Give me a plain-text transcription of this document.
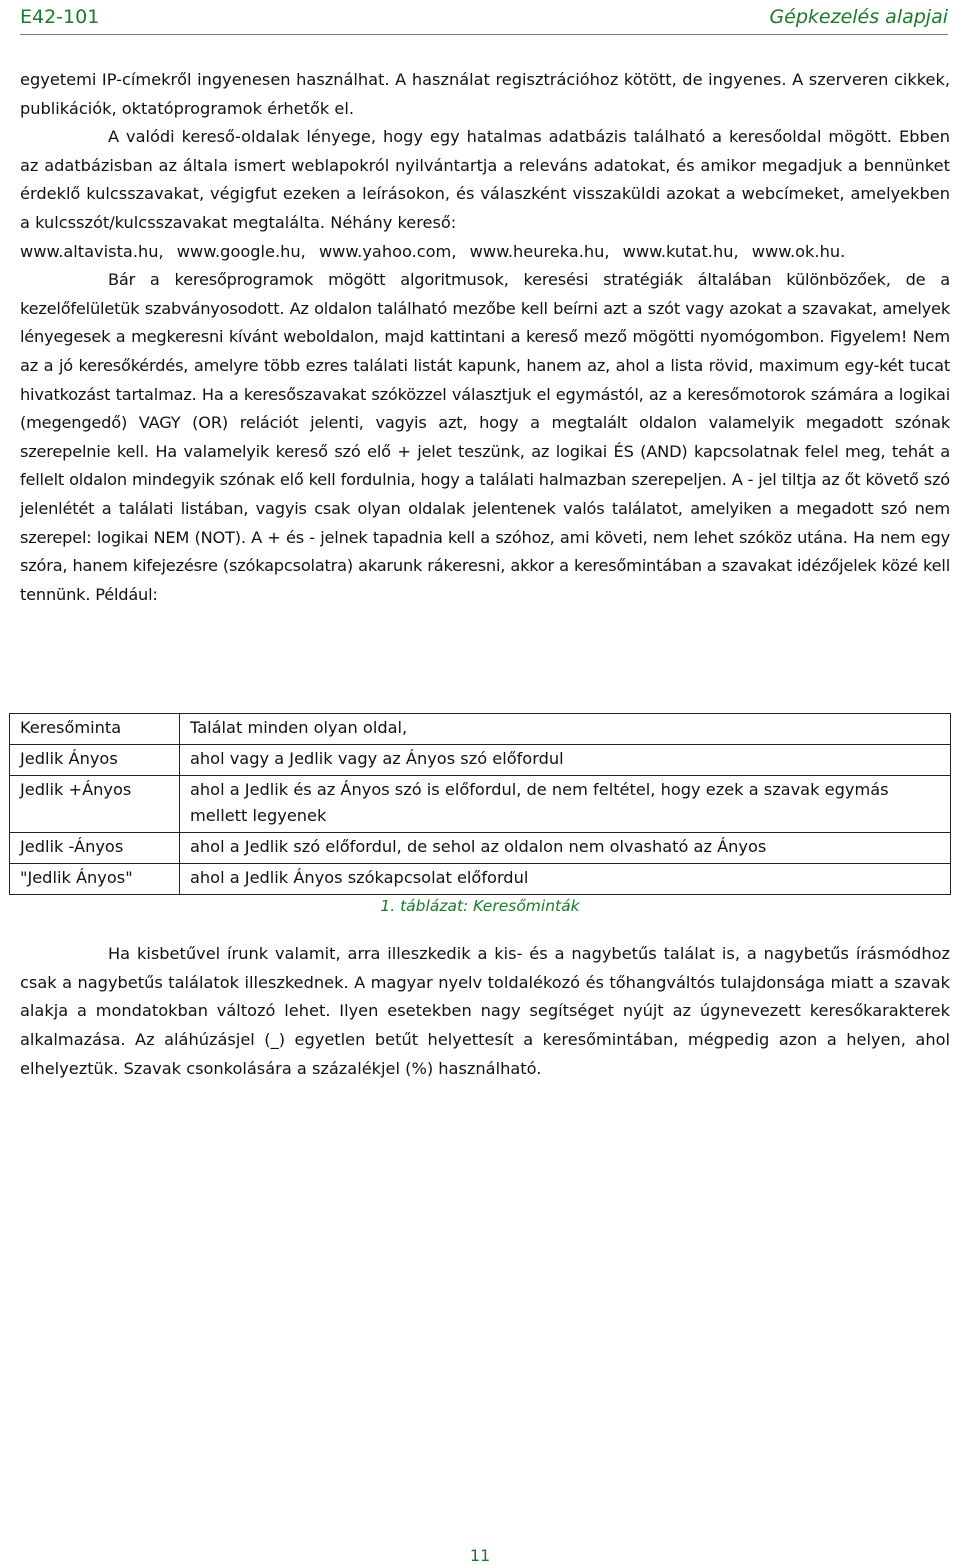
E42-101	Gépkezelés alapjai

egyetemi IP-címekről ingyenesen használhat. A használat regisztrációhoz kötött, de ingyenes. A szerveren cikkek, publikációk, oktatóprogramok érhetők el.

A valódi kereső-oldalak lényege, hogy egy hatalmas adatbázis található a keresőoldal mögött. Ebben az adatbázisban az általa ismert weblapokról nyilvántartja a releváns adatokat, és amikor megadjuk a bennünket érdeklő kulcsszavakat, végigfut ezeken a leírásokon, és válaszként visszaküldi azokat a webcímeket, amelyekben a kulcsszót/kulcsszavakat megtalálta. Néhány kereső:

www.altavista.hu, www.google.hu, www.yahoo.com, www.heureka.hu, www.kutat.hu, www.ok.hu.

Bár a keresőprogramok mögött algoritmusok, keresési stratégiák általában különbözőek, de a kezelőfelületük szabványosodott. Az oldalon található mezőbe kell beírni azt a szót vagy azokat a szavakat, amelyek lényegesek a megkeresni kívánt weboldalon, majd kattintani a kereső mező mögötti nyomógombon. Figyelem! Nem az a jó keresőkérdés, amelyre több ezres találati listát kapunk, hanem az, ahol a lista rövid, maximum egy-két tucat hivatkozást tartalmaz. Ha a keresőszavakat szóközzel választjuk el egymástól, az a keresőmotorok számára a logikai (megengedő) VAGY (OR) relációt jelenti, vagyis azt, hogy a megtalált oldalon valamelyik megadott szónak szerepelnie kell. Ha valamelyik kereső szó elő + jelet teszünk, az logikai ÉS (AND) kapcsolatnak felel meg, tehát a fellelt oldalon mindegyik szónak elő kell fordulnia, hogy a találati halmazban szerepeljen. A - jel tiltja az őt követő szó jelenlétét a találati listában, vagyis csak olyan oldalak jelentenek valós találatot, amelyiken a megadott szó nem szerepel: logikai NEM (NOT). A + és - jelnek tapadnia kell a szóhoz, ami követi, nem lehet szóköz utána. Ha nem egy szóra, hanem kifejezésre (szókapcsolatra) akarunk rákeresni, akkor a keresőmintában a szavakat idézőjelek közé kell tennünk. Például:

Keresőminta	Találat minden olyan oldal,
Jedlik Ányos	ahol vagy a Jedlik vagy az Ányos szó előfordul
Jedlik +Ányos	ahol a Jedlik és az Ányos szó is előfordul, de nem feltétel, hogy ezek a szavak egymás mellett legyenek
Jedlik -Ányos	ahol a Jedlik szó előfordul, de sehol az oldalon nem olvasható az Ányos
"Jedlik Ányos"	ahol a Jedlik Ányos szókapcsolat előfordul
1. táblázat: Keresőminták

Ha kisbetűvel írunk valamit, arra illeszkedik a kis- és a nagybetűs találat is, a nagybetűs írásmódhoz csak a nagybetűs találatok illeszkednek. A magyar nyelv toldalékozó és tőhangváltós tulajdonsága miatt a szavak alakja a mondatokban változó lehet. Ilyen esetekben nagy segítséget nyújt az úgynevezett keresőkarakterek alkalmazása. Az aláhúzásjel (_) egyetlen betűt helyettesít a keresőmintában, mégpedig azon a helyen, ahol elhelyeztük. Szavak csonkolására a százalékjel (%) használható.

11
